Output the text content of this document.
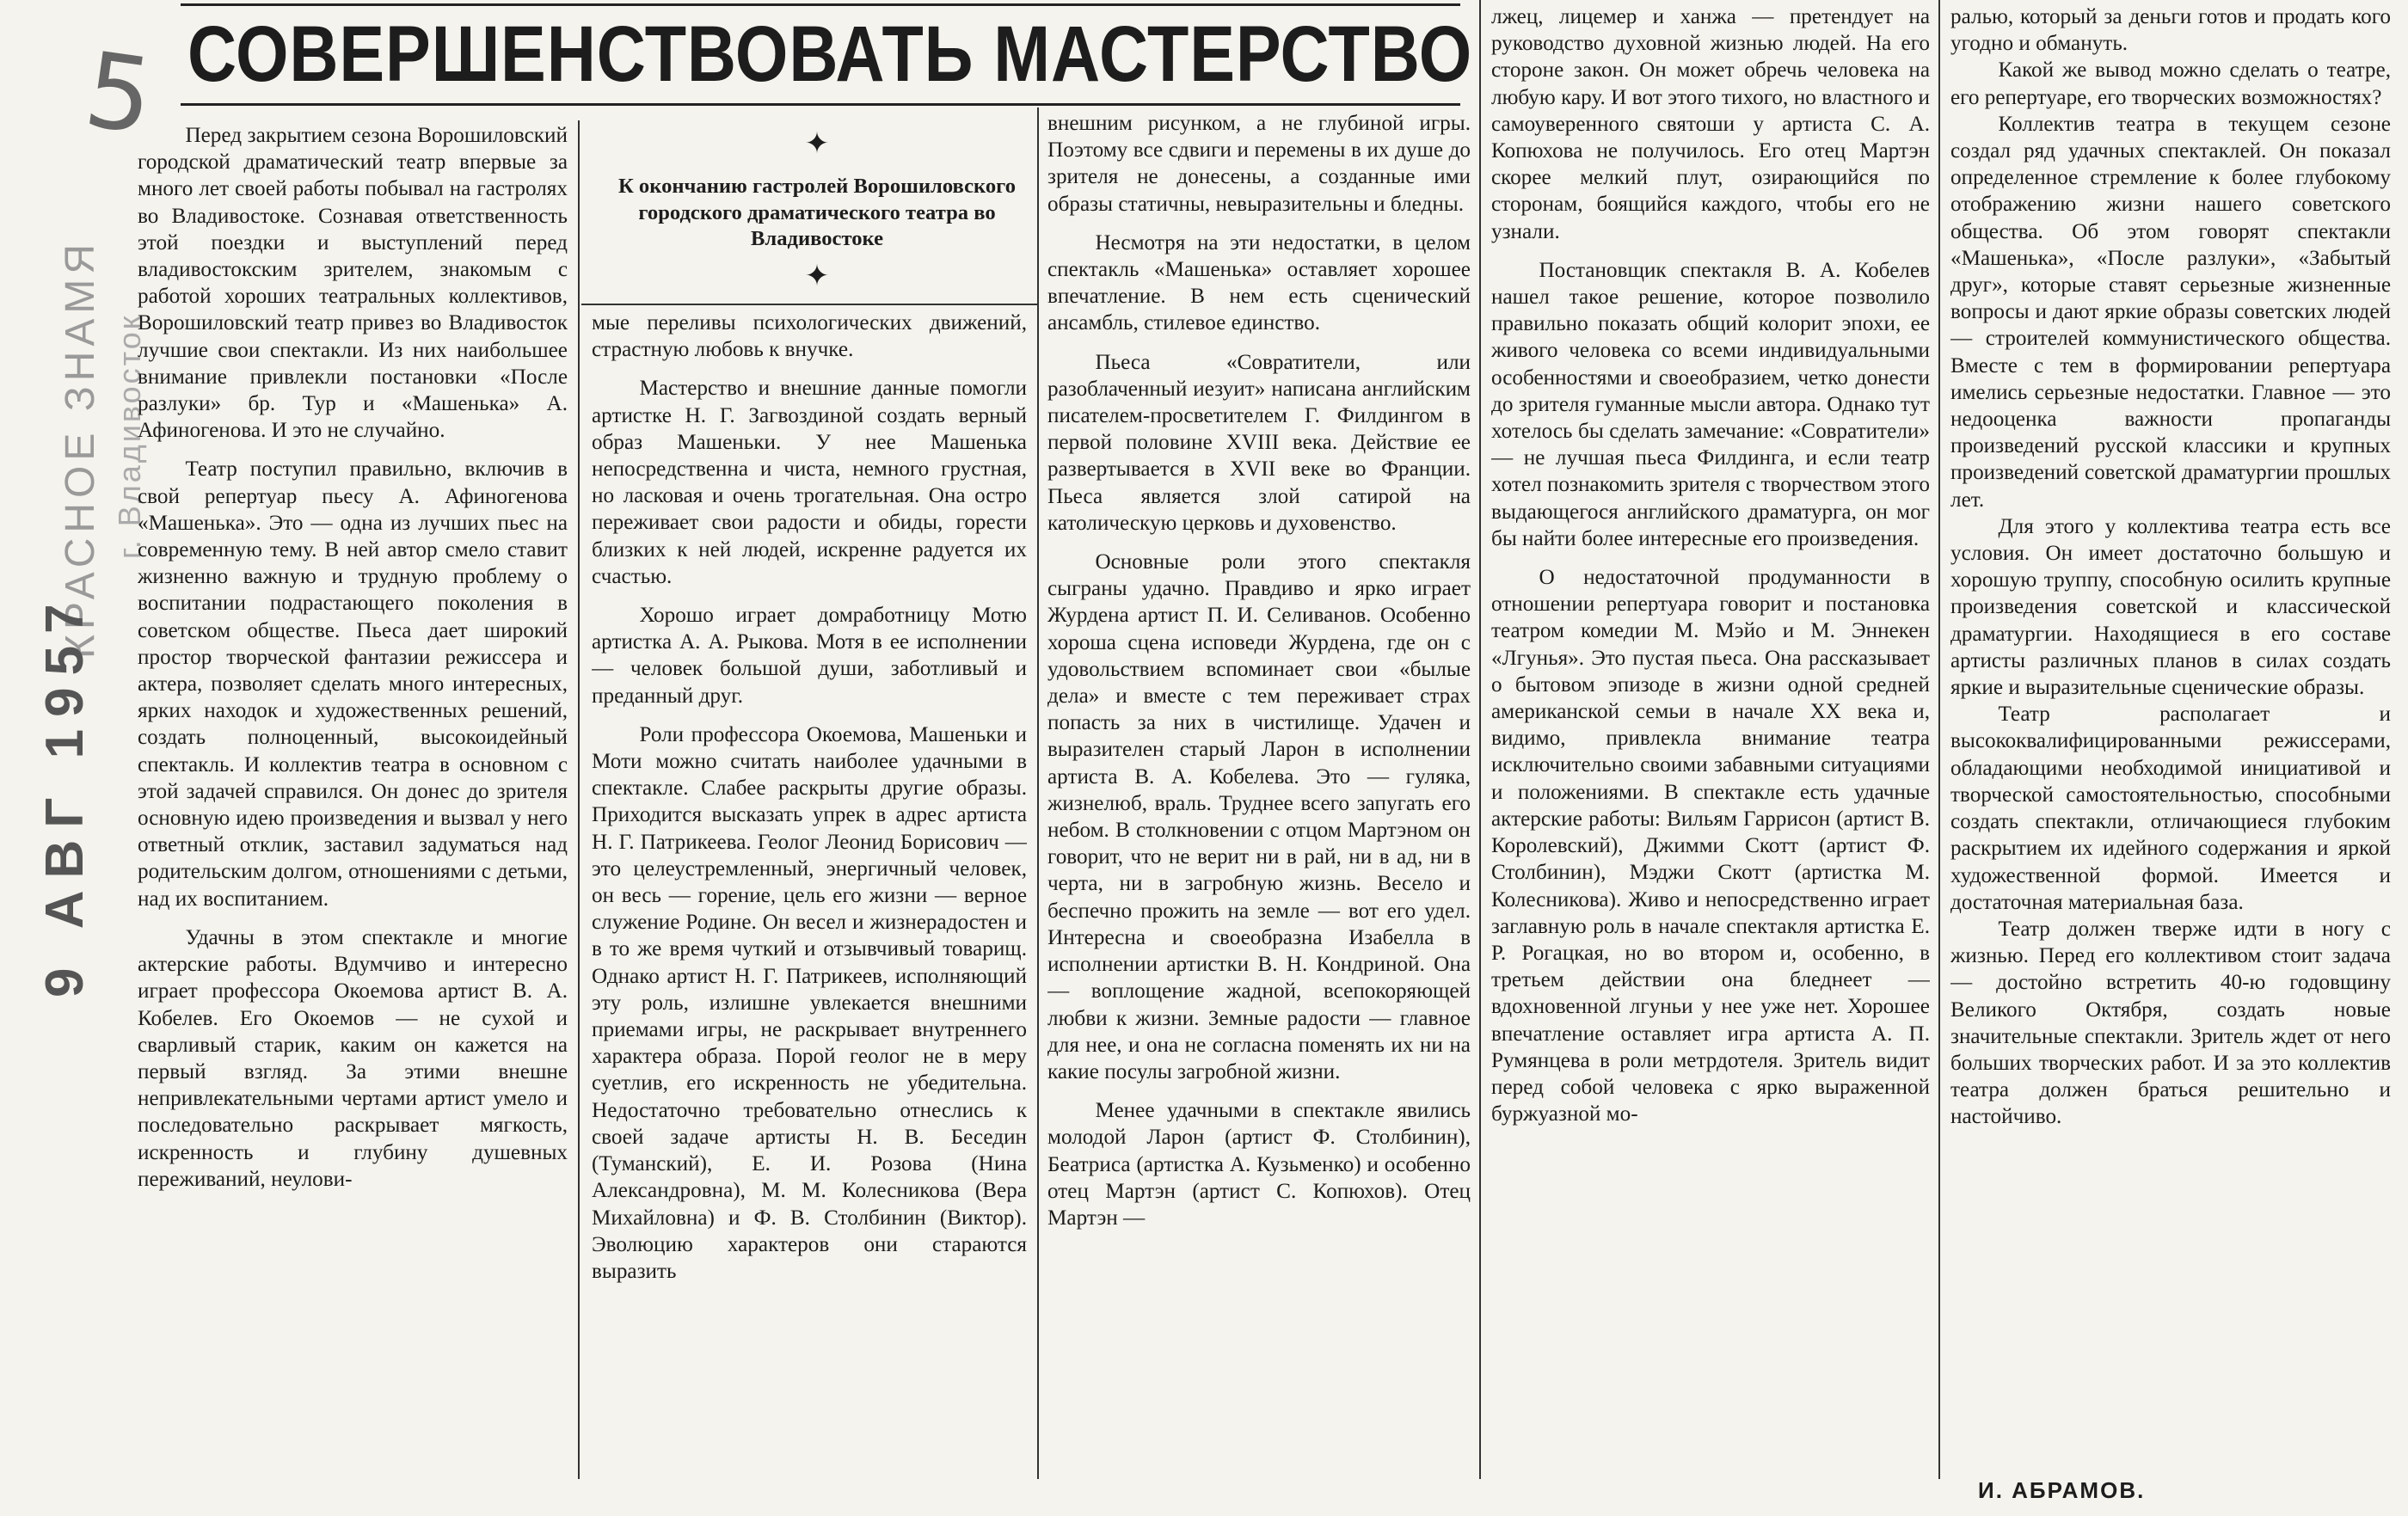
5
КРАСНОЕ ЗНАМЯ г. Владивосток
9 АВГ 1957
СОВЕРШЕНСТВОВАТЬ МАСТЕРСТВО
✦
К окончанию гастролей Ворошиловского городского драматического театра во Владивостоке
✦

Перед закрытием сезона Ворошиловский городской драматический театр впервые за много лет своей работы побывал на гастролях во Владивостоке. Сознавая ответственность этой поездки и выступлений перед владивостокским зрителем, знакомым с работой хороших театральных коллективов, Ворошиловский театр привез во Владивосток лучшие свои спектакли. Из них наибольшее внимание привлекли постановки «После разлуки» бр. Тур и «Машенька» А. Афиногенова. И это не случайно.

Театр поступил правильно, включив в свой репертуар пьесу А. Афиногенова «Машенька». Это — одна из лучших пьес на современную тему. В ней автор смело ставит жизненно важную и трудную проблему о воспитании подрастающего поколения в советском обществе. Пьеса дает широкий простор творческой фантазии режиссера и актера, позволяет сделать много интересных, ярких находок и художественных решений, создать полноценный, высокоидейный спектакль. И коллектив театра в основном с этой задачей справился. Он донес до зрителя основную идею произведения и вызвал у него ответный отклик, заставил задуматься над родительским долгом, отношениями с детьми, над их воспитанием.

Удачны в этом спектакле и многие актерские работы. Вдумчиво и интересно играет профессора Окоемова артист В. А. Кобелев. Его Окоемов — не сухой и сварливый старик, каким он кажется на первый взгляд. За этими внешне непривлекательными чертами артист умело и последовательно раскрывает мягкость, искренность и глубину душевных переживаний, неулови-

мые переливы психологических движений, страстную любовь к внучке.

Мастерство и внешние данные помогли артистке Н. Г. Загвоздиной создать верный образ Машеньки. У нее Машенька непосредственна и чиста, немного грустная, но ласковая и очень трогательная. Она остро переживает свои радости и обиды, горести близких к ней людей, искренне радуется их счастью.

Хорошо играет домработницу Мотю артистка А. А. Рыкова. Мотя в ее исполнении — человек большой души, заботливый и преданный друг.

Роли профессора Окоемова, Машеньки и Моти можно считать наиболее удачными в спектакле. Слабее раскрыты другие образы. Приходится высказать упрек в адрес артиста Н. Г. Патрикеева. Геолог Леонид Борисович — это целеустремленный, энергичный человек, он весь — горение, цель его жизни — верное служение Родине. Он весел и жизнерадостен и в то же время чуткий и отзывчивый товарищ. Однако артист Н. Г. Патрикеев, исполняющий эту роль, излишне увлекается внешними приемами игры, не раскрывает внутреннего характера образа. Порой геолог не в меру суетлив, его искренность не убедительна. Недостаточно требовательно отнеслись к своей задаче артисты Н. В. Беседин (Туманский), Е. И. Розова (Нина Александровна), М. М. Колесникова (Вера Михайловна) и Ф. В. Столбинин (Виктор). Эволюцию характеров они стараются выразить

внешним рисунком, а не глубиной игры. Поэтому все сдвиги и перемены в их душе до зрителя не донесены, а созданные ими образы статичны, невыразительны и бледны.

Несмотря на эти недостатки, в целом спектакль «Машенька» оставляет хорошее впечатление. В нем есть сценический ансамбль, стилевое единство.

Пьеса «Совратители, или разоблаченный иезуит» написана английским писателем-просветителем Г. Филдингом в первой половине XVIII века. Действие ее развертывается в XVII веке во Франции. Пьеса является злой сатирой на католическую церковь и духовенство.

Основные роли этого спектакля сыграны удачно. Правдиво и ярко играет Журдена артист П. И. Селиванов. Особенно хороша сцена исповеди Журдена, где он с удовольствием вспоминает свои «былые дела» и вместе с тем переживает страх попасть за них в чистилище. Удачен и выразителен старый Ларон в исполнении артиста В. А. Кобелева. Это — гуляка, жизнелюб, враль. Труднее всего запугать его небом. В столкновении с отцом Мартэном он говорит, что не верит ни в рай, ни в ад, ни в черта, ни в загробную жизнь. Весело и беспечно прожить на земле — вот его удел. Интересна и своеобразна Изабелла в исполнении артистки В. Н. Кондриной. Она — воплощение жадной, всепокоряющей любви к жизни. Земные радости — главное для нее, и она не согласна поменять их ни на какие посулы загробной жизни.

Менее удачными в спектакле явились молодой Ларон (артист Ф. Столбинин), Беатриса (артистка А. Кузьменко) и особенно отец Мартэн (артист С. Копюхов). Отец Мартэн —

лжец, лицемер и ханжа — претендует на руководство духовной жизнью людей. На его стороне закон. Он может обречь человека на любую кару. И вот этого тихого, но властного и самоуверенного святоши у артиста С. А. Копюхова не получилось. Его отец Мартэн скорее мелкий плут, озирающийся по сторонам, боящийся каждого, чтобы его не узнали.

Постановщик спектакля В. А. Кобелев нашел такое решение, которое позволило правильно показать общий колорит эпохи, ее живого человека со всеми индивидуальными особенностями и своеобразием, четко донести до зрителя гуманные мысли автора. Однако тут хотелось бы сделать замечание: «Совратители» — не лучшая пьеса Филдинга, и если театр хотел познакомить зрителя с творчеством этого выдающегося английского драматурга, он мог бы найти более интересные его произведения.

О недостаточной продуманности в отношении репертуара говорит и постановка театром комедии М. Мэйо и М. Эннекен «Лгунья». Это пустая пьеса. Она рассказывает о бытовом эпизоде в жизни одной средней американской семьи в начале XX века и, видимо, привлекла внимание театра исключительно своими забавными ситуациями и положениями. В спектакле есть удачные актерские работы: Вильям Гаррисон (артист В. Королевский), Джимми Скотт (артист Ф. Столбинин), Мэджи Скотт (артистка М. Колесникова). Живо и непосредственно играет заглавную роль в начале спектакля артистка Е. Р. Рогацкая, но во втором и, особенно, в третьем действии она бледнеет — вдохновенной лгуньи у нее уже нет. Хорошее впечатление оставляет игра артиста А. П. Румянцева в роли метрдотеля. Зритель видит перед собой человека с ярко выраженной буржуазной мо-

ралью, который за деньги готов и продать кого угодно и обмануть.

Какой же вывод можно сделать о театре, его репертуаре, его творческих возможностях?

Коллектив театра в текущем сезоне создал ряд удачных спектаклей. Он показал определенное стремление к более глубокому отображению жизни нашего советского общества. Об этом говорят спектакли «Машенька», «После разлуки», «Забытый друг», которые ставят серьезные жизненные вопросы и дают яркие образы советских людей — строителей коммунистического общества. Вместе с тем в формировании репертуара имелись серьезные недостатки. Главное — это недооценка важности пропаганды произведений русской классики и крупных произведений советской драматургии прошлых лет.

Для этого у коллектива театра есть все условия. Он имеет достаточно большую и хорошую труппу, способную осилить крупные произведения советской и классической драматургии. Находящиеся в его составе артисты различных планов в силах создать яркие и выразительные сценические образы.

Театр располагает и высококвалифицированными режиссерами, обладающими необходимой инициативой и творческой самостоятельностью, способными создать спектакли, отличающиеся глубоким раскрытием их идейного содержания и яркой художественной формой. Имеется и достаточная материальная база.

Театр должен тверже идти в ногу с жизнью. Перед его коллективом стоит задача — достойно встретить 40-ю годовщину Великого Октября, создать новые значительные спектакли. Зритель ждет от него больших творческих работ. И за это коллектив театра должен браться решительно и настойчиво.

И. АБРАМОВ.
